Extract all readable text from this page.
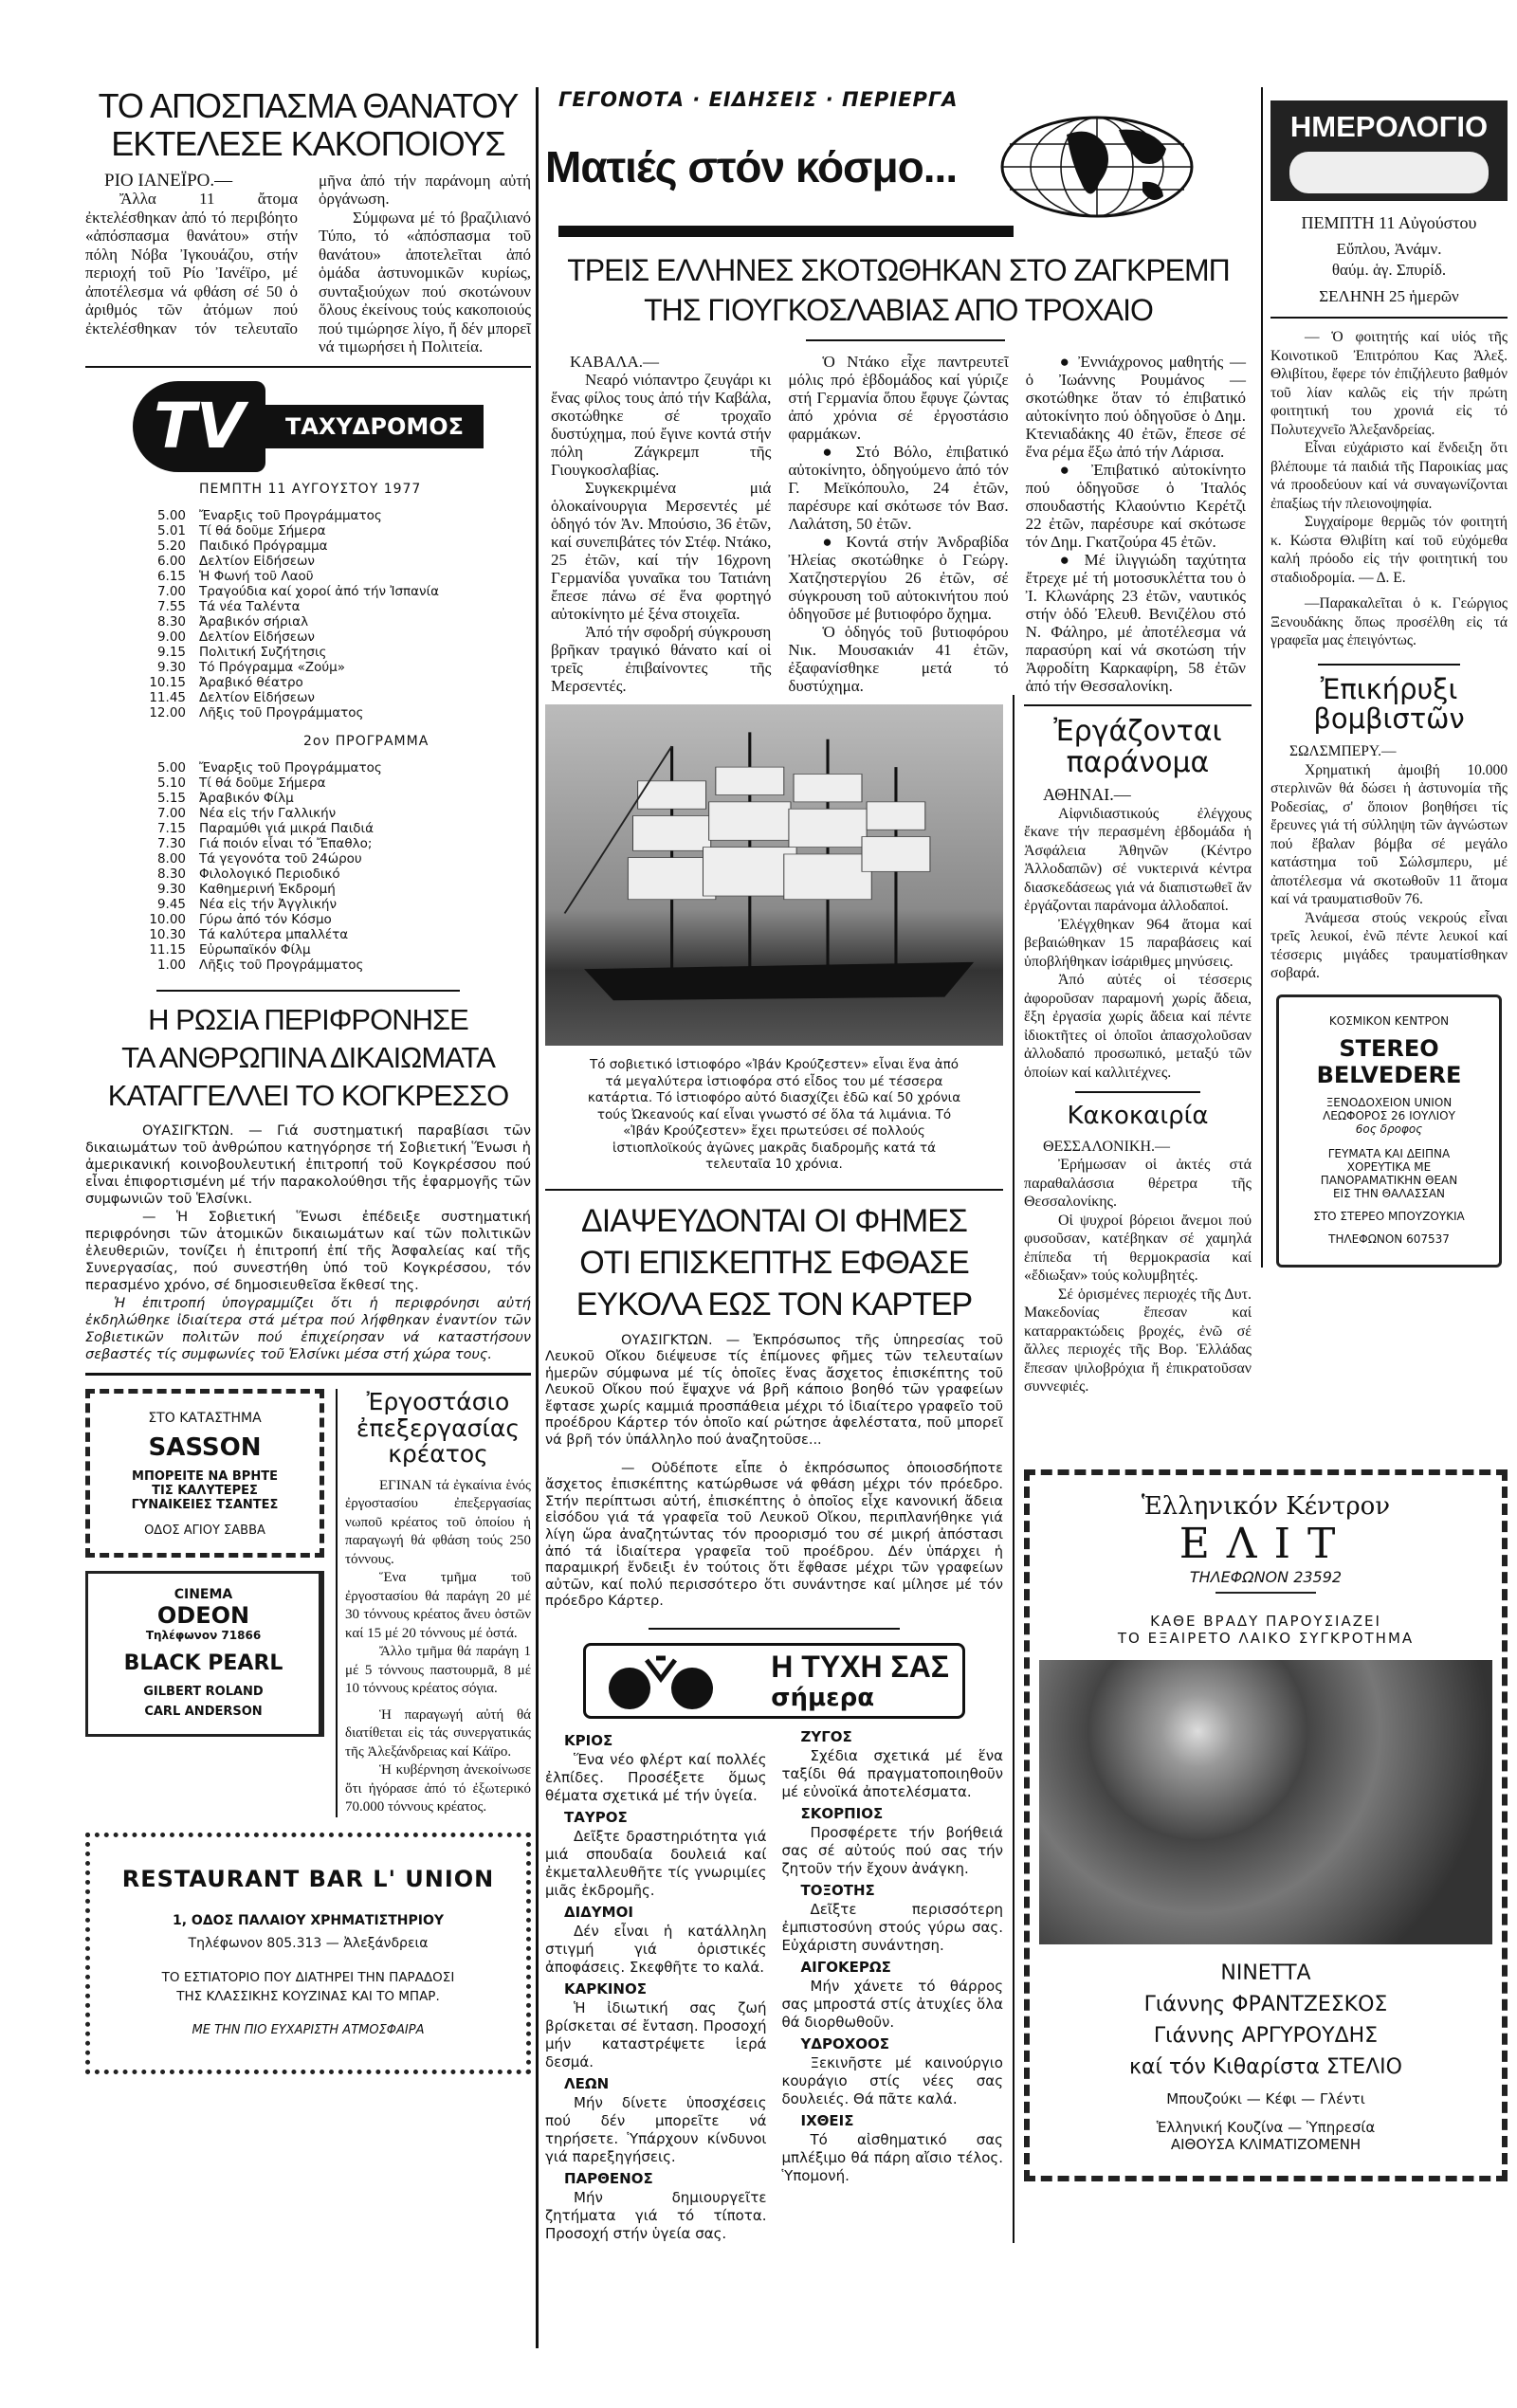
ΤΟ ΑΠΟΣΠΑΣΜΑ ΘΑΝΑΤΟΥ
ΕΚΤΕΛΕΣΕ ΚΑΚΟΠΟΙΟΥΣ
ΡΙΟ ΙΑΝΕΪΡΟ.—

Ἄλλα 11 ἄτομα ἐκτελέσθηκαν ἀπό τό περιβόητο «ἀπόσπασμα θανάτου» στήν πόλη Νόβα Ἰγκουάζου, στήν περιοχή τοῦ Ρίο Ἰανέϊρο, μέ ἀποτέλεσμα νά φθάση σέ 50 ὁ ἀριθμός τῶν ἀτόμων πού ἐκτελέσθηκαν τόν τελευταῖο μῆνα ἀπό τήν παράνομη αὐτή ὀργάνωση.

Σύμφωνα μέ τό βραζιλιανό Τύπο, τό «ἀπόσπασμα τοῦ θανάτου» ἀποτελεῖται ἀπό ὁμάδα ἀστυνομικῶν κυρίως, συνταξιούχων πού σκοτώνουν ὅλους ἐκείνους τούς κακοποιούς πού τιμώρησε λίγο, ἤ δέν μπορεῖ νά τιμωρήσει ἡ Πολιτεία.

TV	ΤΑΧΥΔΡΟΜΟΣ
ΠΕΜΠΤΗ 11 ΑΥΓΟΥΣΤΟΥ 1977
5.00	Ἔναρξις τοῦ Προγράμματος
5.01	Τί θά δοῦμε Σήμερα
5.20	Παιδικό Πρόγραμμα
6.00	Δελτίον Εἰδήσεων
6.15	Ἡ Φωνή τοῦ Λαοῦ
7.00	Τραγούδια καί χοροί ἀπό τήν Ἰσπανία
7.55	Τά νέα Ταλέντα
8.30	Ἀραβικόν σήριαλ
9.00	Δελτίον Εἰδήσεων
9.15	Πολιτική Συζήτησις
9.30	Τό Πρόγραμμα «Ζούμ»
10.15	Ἀραβικό θέατρο
11.45	Δελτίον Εἰδήσεων
12.00	Λῆξις τοῦ Προγράμματος
2ον ΠΡΟΓΡΑΜΜΑ
5.00	Ἔναρξις τοῦ Προγράμματος
5.10	Τί θά δοῦμε Σήμερα
5.15	Ἀραβικόν Φίλμ
7.00	Νέα εἰς τήν Γαλλικήν
7.15	Παραμύθι γιά μικρά Παιδιά
7.30	Γιά ποιόν εἶναι τό Ἔπαθλο;
8.00	Τά γεγονότα τοῦ 24ώρου
8.30	Φιλολογικό Περιοδικό
9.30	Καθημερινή Ἐκδρομή
9.45	Νέα εἰς τήν Ἀγγλικήν
10.00	Γύρω ἀπό τόν Κόσμο
10.30	Τά καλύτερα μπαλλέτα
11.15	Εὐρωπαϊκόν Φίλμ
1.00	Λῆξις τοῦ Προγράμματος
Η ΡΩΣΙΑ ΠΕΡΙΦΡΟΝΗΣΕ
ΤΑ ΑΝΘΡΩΠΙΝΑ ΔΙΚΑΙΩΜΑΤΑ
ΚΑΤΑΓΓΕΛΛΕΙ ΤΟ ΚΟΓΚΡΕΣΣΟ

ΟΥΑΣΙΓΚΤΩΝ. — Γιά συστηματική παραβίασι τῶν δικαιωμάτων τοῦ ἀνθρώπου κατηγόρησε τή Σοβιετική Ἕνωσι ἡ ἀμερικανική κοινοβουλευτική ἐπιτροπή τοῦ Κογκρέσσου πού εἶναι ἐπιφορτισμένη μέ τήν παρακολούθησι τῆς ἐφαρμογῆς τῶν συμφωνιῶν τοῦ Ἑλσίνκι.

— Ἡ Σοβιετική Ἕνωσι ἐπέδειξε συστηματική περιφρόνησι τῶν ἀτομικῶν δικαιωμάτων καί τῶν πολιτικῶν ἐλευθεριῶν, τονίζει ἡ ἐπιτροπή ἐπί τῆς Ἀσφαλείας καί τῆς Συνεργασίας, πού συνεστήθη ὑπό τοῦ Κογκρέσσου, τόν περασμένο χρόνο, σέ δημοσιευθεῖσα ἔκθεσί της.

Ἡ ἐπιτροπή ὑπογραμμίζει ὅτι ἡ περιφρόνησι αὐτή ἐκδηλώθηκε ἰδιαίτερα στά μέτρα πού λήφθηκαν ἐναντίον τῶν Σοβιετικῶν πολιτῶν πού ἐπιχείρησαν νά καταστήσουν σεβαστές τίς συμφωνίες τοῦ Ἑλσίνκι μέσα στή χώρα τους.

ΣΤΟ ΚΑΤΑΣΤΗΜΑ
SASSON
ΜΠΟΡΕΙΤΕ ΝΑ ΒΡΗΤΕ
ΤΙΣ ΚΑΛΥΤΕΡΕΣ
ΓΥΝΑΙΚΕΙΕΣ ΤΣΑΝΤΕΣ
ΟΔΟΣ ΑΓΙΟΥ ΣΑΒΒΑ
CINEMA
ODEON
Τηλέφωνον 71866
BLACK PEARL
GILBERT ROLAND
CARL ANDERSON
Ἐργοστάσιο
ἐπεξεργασίας
κρέατος

ΕΓΙΝΑΝ τά ἐγκαίνια ἑνός ἐργοστασίου ἐπεξεργασίας νωποῦ κρέατος τοῦ ὁποίου ἡ παραγωγή θά φθάση τούς 250 τόννους.

Ἕνα τμῆμα τοῦ ἐργοστασίου θά παράγη 20 μέ 30 τόννους κρέατος ἄνευ ὀστῶν καί 15 μέ 20 τόννους μέ ὀστά.

Ἄλλο τμῆμα θά παράγη 1 μέ 5 τόννους παστουρμᾶ, 8 μέ 10 τόννους κρέατος σόγια.

Ἡ παραγωγή αὐτή θά διατίθεται εἰς τάς συνεργατικάς τῆς Ἀλεξάνδρειας καί Κάϊρο.

Ἡ κυβέρνηση ἀνεκοίνωσε ὅτι ἠγόρασε ἀπό τό ἐξωτερικό 70.000 τόννους κρέατος.

RESTAURANT BAR L' UNION
1, ΟΔΟΣ ΠΑΛΑΙΟΥ ΧΡΗΜΑΤΙΣΤΗΡΙΟΥ
Τηλέφωνον 805.313 — Ἀλεξάνδρεια
ΤΟ ΕΣΤΙΑΤΟΡΙΟ ΠΟΥ ΔΙΑΤΗΡΕΙ ΤΗΝ ΠΑΡΑΔΟΣΙ
ΤΗΣ ΚΛΑΣΣΙΚΗΣ ΚΟΥΖΙΝΑΣ ΚΑΙ ΤΟ ΜΠΑΡ.
ΜΕ ΤΗΝ ΠΙΟ ΕΥΧΑΡΙΣΤΗ ΑΤΜΟΣΦΑΙΡΑ
ΓΕΓΟΝΟΤΑ · ΕΙΔΗΣΕΙΣ · ΠΕΡΙΕΡΓΑ
Ματιές στόν κόσμο...
ΤΡΕΙΣ ΕΛΛΗΝΕΣ ΣΚΟΤΩΘΗΚΑΝ ΣΤΟ ΖΑΓΚΡΕΜΠ
ΤΗΣ ΓΙΟΥΓΚΟΣΛΑΒΙΑΣ ΑΠΟ ΤΡΟΧΑΙΟ
ΚΑΒΑΛΑ.—

Νεαρό νιόπαντρο ζευγάρι κι ἕνας φίλος τους ἀπό τήν Καβάλα, σκοτώθηκε σέ τροχαῖο δυστύχημα, πού ἔγινε κοντά στήν πόλη Ζάγκρεμπ τῆς Γιουγκοσλαβίας.

Συγκεκριμένα μιά ὁλοκαίνουργια Μερσεντές μέ ὁδηγό τόν Ἀν. Μπούσιο, 36 ἐτῶν, καί συνεπιβάτες τόν Στέφ. Ντάκο, 25 ἐτῶν, καί τήν 16χρονη Γερμανίδα γυναῖκα του Τατιάνη ἔπεσε πάνω σέ ἕνα φορτηγό αὐτοκίνητο μέ ξένα στοιχεῖα.

Ἀπό τήν σφοδρή σύγκρουση βρῆκαν τραγικό θάνατο καί οἱ τρεῖς ἐπιβαίνοντες τῆς Μερσεντές.

Ὁ Ντάκο εἶχε παντρευτεῖ μόλις πρό ἑβδομάδος καί γύριζε στή Γερμανία ὅπου ἔφυγε ζώντας ἀπό χρόνια σέ ἐργοστάσιο φαρμάκων.

● Στό Βόλο, ἐπιβατικό αὐτοκίνητο, ὁδηγούμενο ἀπό τόν Γ. Μεϊκόπουλο, 24 ἐτῶν, παρέσυρε καί σκότωσε τόν Βασ. Λαλάτση, 50 ἐτῶν.

● Κοντά στήν Ἀνδραβίδα Ἠλείας σκοτώθηκε ὁ Γεώργ. Χατζηστεργίου 26 ἐτῶν, σέ σύγκρουση τοῦ αὐτοκινήτου πού ὁδηγοῦσε μέ βυτιοφόρο ὄχημα.

Ὁ ὁδηγός τοῦ βυτιοφόρου Νικ. Μουσακιάν 41 ἐτῶν, ἐξαφανίσθηκε μετά τό δυστύχημα.

● Ἐννιάχρονος μαθητής — ὁ Ἰωάννης Ρουμάνος — σκοτώθηκε ὅταν τό ἐπιβατικό αὐτοκίνητο πού ὁδηγοῦσε ὁ Δημ. Κτενιαδάκης 40 ἐτῶν, ἔπεσε σέ ἕνα ρέμα ἔξω ἀπό τήν Λάρισα.

● Ἐπιβατικό αὐτοκίνητο πού ὁδηγοῦσε ὁ Ἰταλός σπουδαστής Κλαούντιο Κερέτζι 22 ἐτῶν, παρέσυρε καί σκότωσε τόν Δημ. Γκατζούρα 45 ἐτῶν.

● Μέ ἰλιγγιώδη ταχύτητα ἔτρεχε μέ τή μοτοσυκλέττα του ὁ Ἰ. Κλωνάρης 23 ἐτῶν, ναυτικός στήν ὁδό Ἐλευθ. Βενιζέλου στό Ν. Φάληρο, μέ ἀποτέλεσμα νά παρασύρη καί νά σκοτώση τήν Ἀφροδίτη Καρκαφίρη, 58 ἐτῶν ἀπό τήν Θεσσαλονίκη.

ΗΜΕΡΟΛΟΓΙΟ
ΠΕΜΠΤΗ 11 Αὐγούστου
Εὔπλου, Ἀνάμν.
θαύμ. ἁγ. Σπυρίδ.
ΣΕΛΗΝΗ 25 ἡμερῶν

— Ὁ φοιτητής καί υἱός τῆς Κοινοτικοῦ Ἐπιτρόπου Κας Ἀλεξ. Θλιβίτου, ἔφερε τόν ἐπιζήλευτο βαθμόν τοῦ λίαν καλῶς εἰς τήν πρώτη φοιτητική του χρονιά εἰς τό Πολυτεχνεῖο Ἀλεξανδρείας.

Εἶναι εὐχάριστο καί ἔνδειξη ὅτι βλέπουμε τά παιδιά τῆς Παροικίας μας νά προοδεύουν καί νά συναγωνίζονται ἐπαξίως τήν πλειονοψηφία.

Συγχαίρομε θερμῶς τόν φοιτητή κ. Κώστα Θλιβίτη καί τοῦ εὐχόμεθα καλή πρόοδο εἰς τήν φοιτητική του σταδιοδρομία. — Δ. Ε.

—Παρακαλεῖται ὁ κ. Γεώργιος Ξενουδάκης ὅπως προσέλθη εἰς τά γραφεῖα μας ἐπειγόντως.

Ἐπικήρυξι
βομβιστῶν
ΣΩΛΣΜΠΕΡΥ.—

Χρηματική ἀμοιβή 10.000 στερλινῶν θά δώσει ἡ ἀστυνομία τῆς Ροδεσίας, σ' ὅποιον βοηθήσει τίς ἔρευνες γιά τή σύλληψη τῶν ἀγνώστων πού ἔβαλαν βόμβα σέ μεγάλο κατάστημα τοῦ Σώλσμπερυ, μέ ἀποτέλεσμα νά σκοτωθοῦν 11 ἄτομα καί νά τραυματισθοῦν 76.

Ἀνάμεσα στούς νεκρούς εἶναι τρεῖς λευκοί, ἐνῶ πέντε λευκοί καί τέσσερις μιγάδες τραυματίσθηκαν σοβαρά.

ΚΟΣΜΙΚΟΝ ΚΕΝΤΡΟΝ
STEREO
BELVEDERE
ΞΕΝΟΔΟΧΕΙΟΝ UNION
ΛΕΩΦΟΡΟΣ 26 ΙΟΥΛΙΟΥ
6ος δροφος
ΓΕΥΜΑΤΑ ΚΑΙ ΔΕΙΠΝΑ
ΧΟΡΕΥΤΙΚΑ ΜΕ
ΠΑΝΟΡΑΜΑΤΙΚΗΝ ΘΕΑΝ
ΕΙΣ ΤΗΝ ΘΑΛΑΣΣΑΝ
ΣΤΟ ΣΤΕΡΕΟ ΜΠΟΥΖΟΥΚΙΑ
ΤΗΛΕΦΩΝΟΝ 607537
Τό σοβιετικό ἱστιοφόρο «Ἰβάν Κρούζεστεν» εἶναι ἕνα ἀπό τά μεγαλύτερα ἱστιοφόρα στό εἶδος του μέ τέσσερα κατάρτια. Τό ἱστιοφόρο αὐτό διασχίζει ἐδῶ καί 50 χρόνια τούς Ὠκεανούς καί εἶναι γνωστό σέ ὅλα τά λιμάνια. Τό «Ἰβάν Κρούζεστεν» ἔχει πρωτεύσει σέ πολλούς ἱστιοπλοϊκούς ἀγῶνες μακρᾶς διαδρομῆς κατά τά τελευταῖα 10 χρόνια.
ΔΙΑΨΕΥΔΟΝΤΑΙ ΟΙ ΦΗΜΕΣ
ΟΤΙ ΕΠΙΣΚΕΠΤΗΣ ΕΦΘΑΣΕ
ΕΥΚΟΛΑ ΕΩΣ ΤΟΝ ΚΑΡΤΕΡ

ΟΥΑΣΙΓΚΤΩΝ. — Ἐκπρόσωπος τῆς ὑπηρεσίας τοῦ Λευκοῦ Οἴκου διέψευσε τίς ἐπίμονες φῆμες τῶν τελευταίων ἡμερῶν σύμφωνα μέ τίς ὁποῖες ἕνας ἄσχετος ἐπισκέπτης τοῦ Λευκοῦ Οἴκου πού ἔψαχνε νά βρῆ κάποιο βοηθό τῶν γραφείων ἔφτασε χωρίς καμμιά προσπάθεια μέχρι τό ἰδιαίτερο γραφεῖο τοῦ προέδρου Κάρτερ τόν ὁποῖο καί ρώτησε ἀφελέστατα, ποῦ μπορεῖ νά βρῆ τόν ὑπάλληλο πού ἀναζητοῦσε...

— Οὐδέποτε εἶπε ὁ ἐκπρόσωπος ὁποιοσδήποτε ἄσχετος ἐπισκέπτης κατώρθωσε νά φθάση μέχρι τόν πρόεδρο. Στήν περίπτωσι αὐτή, ἐπισκέπτης ὁ ὁποῖος εἶχε κανονική ἄδεια εἰσόδου γιά τά γραφεῖα τοῦ Λευκοῦ Οἴκου, περιπλανήθηκε γιά λίγη ὥρα ἀναζητώντας τόν προορισμό του σέ μικρή ἀπόστασι ἀπό τά ἰδιαίτερα γραφεῖα τοῦ προέδρου. Δέν ὑπάρχει ἡ παραμικρή ἔνδειξι ἐν τούτοις ὅτι ἔφθασε μέχρι τῶν γραφείων αὐτῶν, καί πολύ περισσότερο ὅτι συνάντησε καί μίλησε μέ τόν πρόεδρο Κάρτερ.

Η ΤΥΧΗ ΣΑΣ
σήμερα
ΚΡΙΟΣ

Ἕνα νέο φλέρτ καί πολλές ἐλπίδες. Προσέξετε ὅμως θέματα σχετικά μέ τήν ὑγεία.

ΤΑΥΡΟΣ

Δεῖξτε δραστηριότητα γιά μιά σπουδαία δουλειά καί ἐκμεταλλευθῆτε τίς γνωριμίες μιᾶς ἐκδρομῆς.

ΔΙΔΥΜΟΙ

Δέν εἶναι ἡ κατάλληλη στιγμή γιά ὁριστικές ἀποφάσεις. Σκεφθῆτε το καλά.

ΚΑΡΚΙΝΟΣ

Ἡ ἰδιωτική σας ζωή βρίσκεται σέ ἔνταση. Προσοχή μήν καταστρέψετε ἱερά δεσμά.

ΛΕΩΝ

Μήν δίνετε ὑποσχέσεις πού δέν μπορεῖτε νά τηρήσετε. Ὑπάρχουν κίνδυνοι γιά παρεξηγήσεις.

ΠΑΡΘΕΝΟΣ

Μήν δημιουργεῖτε ζητήματα γιά τό τίποτα. Προσοχή στήν ὑγεία σας.

ΖΥΓΟΣ

Σχέδια σχετικά μέ ἕνα ταξίδι θά πραγματοποιηθοῦν μέ εὐνοϊκά ἀποτελέσματα.

ΣΚΟΡΠΙΟΣ

Προσφέρετε τήν βοήθειά σας σέ αὐτούς πού σας τήν ζητοῦν τήν ἔχουν ἀνάγκη.

ΤΟΞΟΤΗΣ

Δεῖξτε περισσότερη ἐμπιστοσύνη στούς γύρω σας. Εὐχάριστη συνάντηση.

ΑΙΓΟΚΕΡΩΣ

Μήν χάνετε τό θάρρος σας μπροστά στίς ἀτυχίες ὅλα θά διορθωθοῦν.

ΥΔΡΟΧΟΟΣ

Ξεκινῆστε μέ καινούργιο κουράγιο στίς νέες σας δουλειές. Θά πᾶτε καλά.

ΙΧΘΕΙΣ

Τό αἰσθηματικό σας μπλέξιμο θά πάρη αἴσιο τέλος. Ὑπομονή.

Ἐργάζονται
παράνομα
ΑΘΗΝΑΙ.—

Αἰφνιδιαστικούς ἐλέγχους ἔκανε τήν περασμένη ἑβδομάδα ἡ Ἀσφάλεια Ἀθηνῶν (Κέντρο Ἀλλοδαπῶν) σέ νυκτερινά κέντρα διασκεδάσεως γιά νά διαπιστωθεῖ ἄν ἐργάζονται παράνομα ἀλλοδαποί.

Ἐλέγχθηκαν 964 ἄτομα καί βεβαιώθηκαν 15 παραβάσεις καί ὑποβλήθηκαν ἰσάριθμες μηνύσεις.

Ἀπό αὐτές οἱ τέσσερις ἀφοροῦσαν παραμονή χωρίς ἄδεια, ἕξη ἐργασία χωρίς ἄδεια καί πέντε ἰδιοκτῆτες οἱ ὁποῖοι ἀπασχολοῦσαν ἀλλοδαπό προσωπικό, μεταξύ τῶν ὁποίων καί καλλιτέχνες.

Κακοκαιρία
ΘΕΣΣΑΛΟΝΙΚΗ.—

Ἐρήμωσαν οἱ ἀκτές στά παραθαλάσσια θέρετρα τῆς Θεσσαλονίκης.

Οἱ ψυχροί βόρειοι ἄνεμοι πού φυσοῦσαν, κατέβηκαν σέ χαμηλά ἐπίπεδα τή θερμοκρασία καί «ἔδιωξαν» τούς κολυμβητές.

Σέ ὁρισμένες περιοχές τῆς Δυτ. Μακεδονίας ἔπεσαν καί καταρρακτώδεις βροχές, ἐνῶ σέ ἄλλες περιοχές τῆς Βορ. Ἑλλάδας ἔπεσαν ψιλοβρόχια ἤ ἐπικρατοῦσαν συννεφιές.

Ἑλληνικόν Κέντρον
ΕΛΙΤ
ΤΗΛΕΦΩΝΟΝ 23592
ΚΑΘΕ ΒΡΑΔΥ ΠΑΡΟΥΣΙΑΖΕΙ
ΤΟ ΕΞΑΙΡΕΤΟ ΛΑΙΚΟ ΣΥΓΚΡΟΤΗΜΑ
ΝΙΝΕΤΤΑ
Γιάννης ΦΡΑΝΤΖΕΣΚΟΣ
Γιάννης ΑΡΓΥΡΟΥΔΗΣ
καί τόν Κιθαρίστα ΣΤΕΛΙΟ
Μπουζούκι — Κέφι — Γλέντι
Ἑλληνική Κουζίνα — Ὑπηρεσία
ΑΙΘΟΥΣΑ ΚΛΙΜΑΤΙΖΟΜΕΝΗ
